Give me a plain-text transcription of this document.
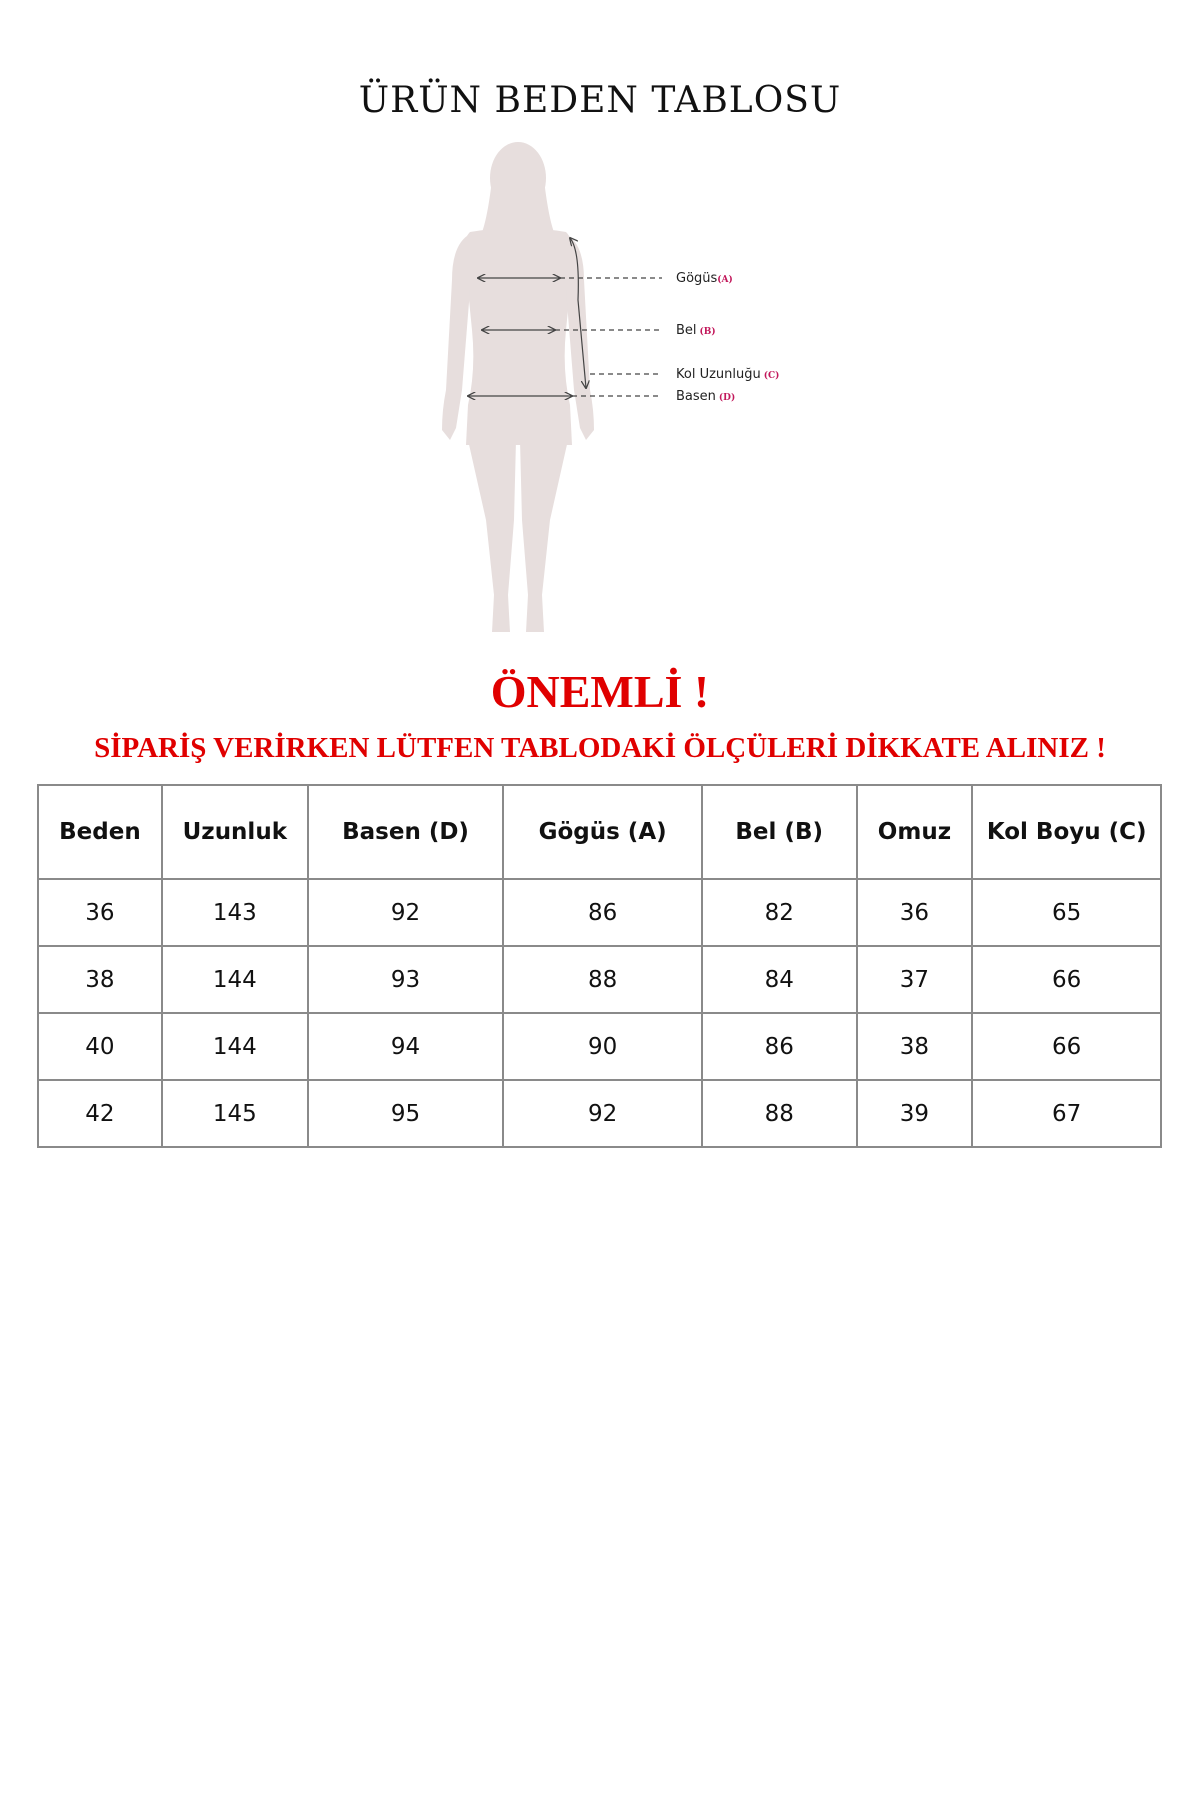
ÜRÜN BEDEN TABLOSU
Gögüs(A)
Bel (B)
Kol Uzunluğu (C)
Basen (D)
ÖNEMLİ !
SİPARİŞ VERİRKEN LÜTFEN TABLODAKİ ÖLÇÜLERİ DİKKATE ALINIZ !
Beden	Uzunluk	Basen (D)	Gögüs (A)	Bel (B)	Omuz	Kol Boyu (C)
36	143	92	86	82	36	65
38	144	93	88	84	37	66
40	144	94	90	86	38	66
42	145	95	92	88	39	67
